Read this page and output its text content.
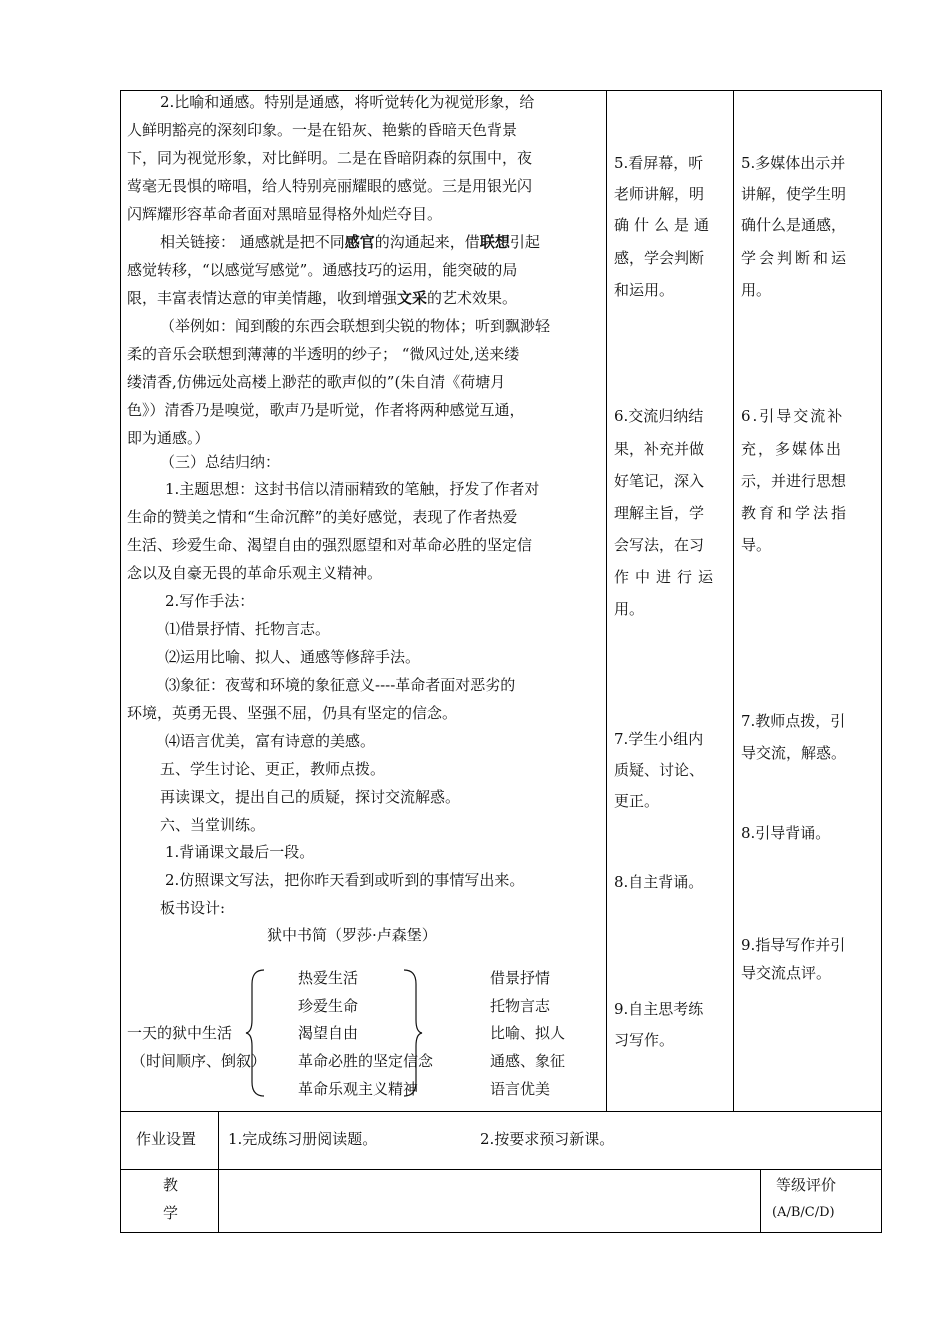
2.比喻和通感。特别是通感，将听觉转化为视觉形象，给
人鲜明豁亮的深刻印象。一是在铅灰、艳紫的昏暗天色背景
下，同为视觉形象，对比鲜明。二是在昏暗阴森的氛围中，夜
莺毫无畏惧的啼唱，给人特别亮丽耀眼的感觉。三是用银光闪
闪辉耀形容革命者面对黑暗显得格外灿烂夺目。
相关链接： 通感就是把不同感官的沟通起来，借联想引起
感觉转移，“以感觉写感觉”。通感技巧的运用，能突破的局
限，丰富表情达意的审美情趣，收到增强文采的艺术效果。
（举例如：闻到酸的东西会联想到尖锐的物体；听到飘渺轻
柔的音乐会联想到薄薄的半透明的纱子； “微风过处,送来缕
缕清香,仿佛远处高楼上渺茫的歌声似的”(朱自清《荷塘月
色》）清香乃是嗅觉，歌声乃是听觉，作者将两种感觉互通，
即为通感。）
（三）总结归纳：
1.主题思想：这封书信以清丽精致的笔触，抒发了作者对
生命的赞美之情和“生命沉醉”的美好感觉，表现了作者热爱
生活、珍爱生命、渴望自由的强烈愿望和对革命必胜的坚定信
念以及自豪无畏的革命乐观主义精神。
2.写作手法：
⑴借景抒情、托物言志。
⑵运用比喻、拟人、通感等修辞手法。
⑶象征：夜莺和环境的象征意义----革命者面对恶劣的
环境，英勇无畏、坚强不屈，仍具有坚定的信念。
⑷语言优美，富有诗意的美感。
五、学生讨论、更正，教师点拨。
再读课文，提出自己的质疑，探讨交流解惑。
六、当堂训练。
1.背诵课文最后一段。
2.仿照课文写法，把你昨天看到或听到的事情写出来。
板书设计:
狱中书简（罗莎·卢森堡）
一天的狱中生活
（时间顺序、倒叙）
热爱生活
珍爱生命
渴望自由
革命必胜的坚定信念
革命乐观主义精神
借景抒情
托物言志
比喻、拟人
通感、象征
语言优美
5.看屏幕，听
老师讲解，明
确什么是通
感，学会判断
和运用。
6.交流归纳结
果，补充并做
好笔记，深入
理解主旨，学
会写法，在习
作中进行运
用。
7.学生小组内
质疑、讨论、
更正。
8.自主背诵。
9.自主思考练
习写作。
5.多媒体出示并
讲解，使学生明
确什么是通感，
学会判断和运
用。
6.引导交流补
充，多媒体出
示，并进行思想
教育和学法指
导。
7.教师点拨，引
导交流，解惑。
8.引导背诵。
9.指导写作并引
导交流点评。
作业设置 1.完成练习册阅读题。	2.按要求预习新课。
教
学
等级评价
(A/B/C/D)
